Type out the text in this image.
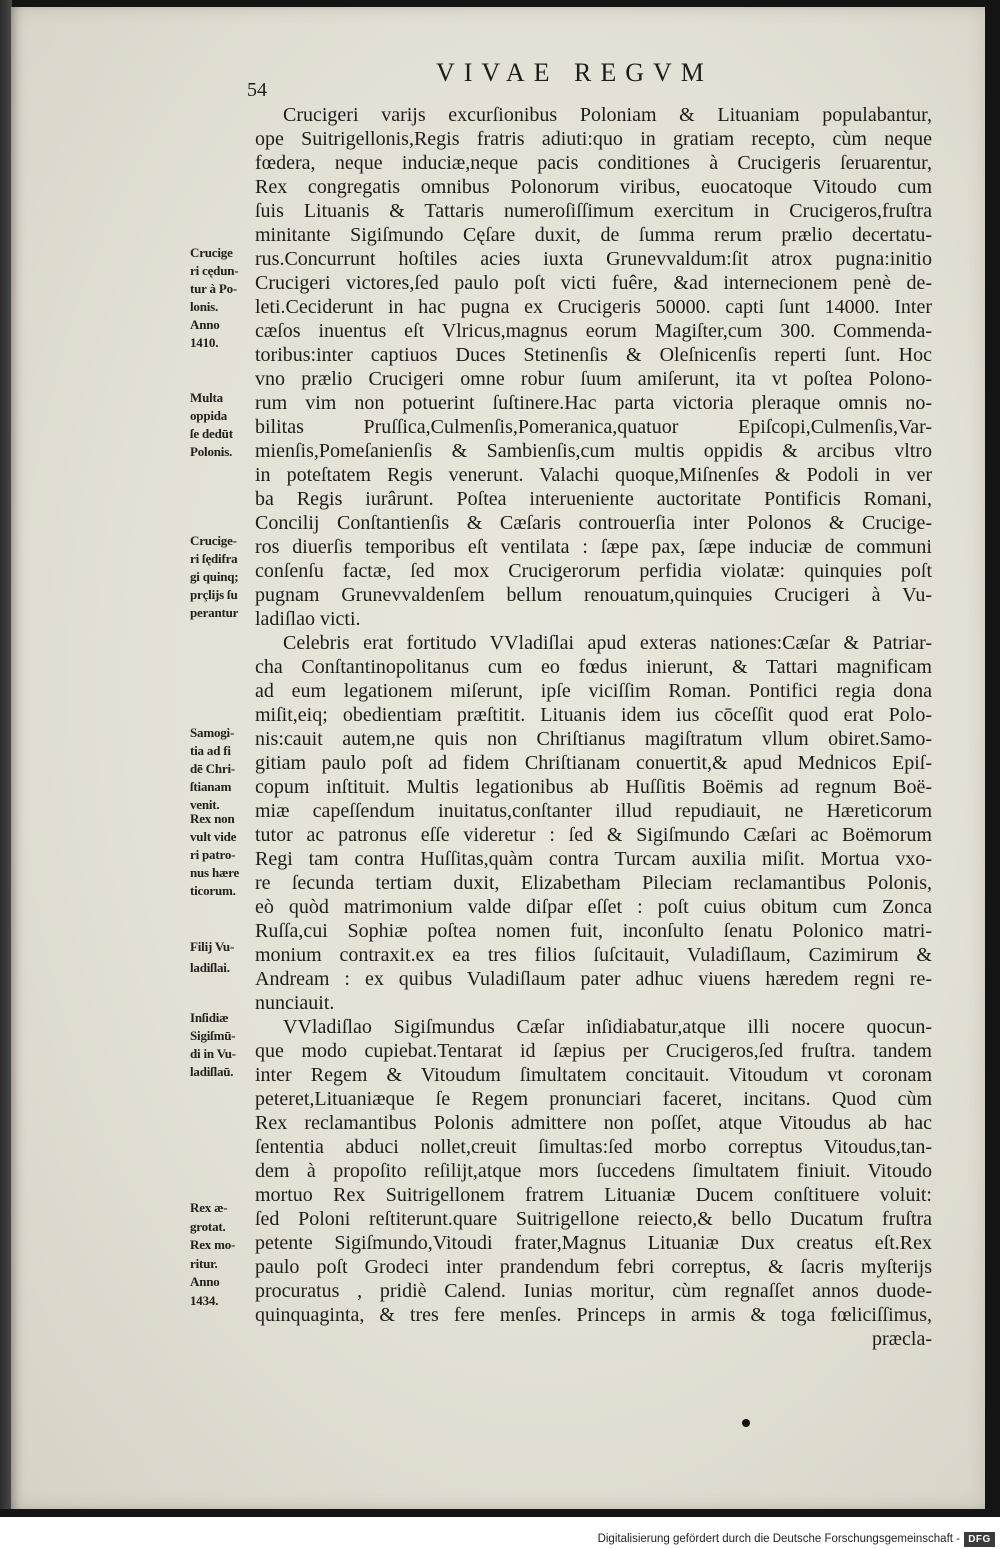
54
VIVAE REGVM
Crucigeri varijs excurſionibus Poloniam & Lituaniam populabantur,
ope Suitrigellonis,Regis fratris adiuti:quo in gratiam recepto, cùm neque
fœdera, neque induciæ,neque pacis conditiones à Crucigeris ſeruarentur,
Rex congregatis omnibus Polonorum viribus, euocatoque Vitoudo cum
ſuis Lituanis & Tattaris numeroſiſſimum exercitum in Crucigeros,fruſtra
minitante Sigiſmundo Cęſare duxit, de ſumma rerum prælio decertatu-
rus.Concurrunt hoſtiles acies iuxta Grunevvaldum:ſit atrox pugna:initio
Crucigeri victores,ſed paulo poſt victi fuêre, &ad internecionem penè de-
leti.Ceciderunt in hac pugna ex Crucigeris 50000. capti ſunt 14000. Inter
cæſos inuentus eſt Vlricus,magnus eorum Magiſter,cum 300. Commenda-
toribus:inter captiuos Duces Stetinenſis & Oleſnicenſis reperti ſunt. Hoc
vno prælio Crucigeri omne robur ſuum amiſerunt, ita vt poſtea Polono-
rum vim non potuerint ſuſtinere.Hac parta victoria pleraque omnis no-
bilitas Pruſſica,Culmenſis,Pomeranica,quatuor Epiſcopi,Culmenſis,Var-
mienſis,Pomeſanienſis & Sambienſis,cum multis oppidis & arcibus vltro
in poteſtatem Regis venerunt. Valachi quoque,Miſnenſes & Podoli in ver
ba Regis iurârunt. Poſtea interueniente auctoritate Pontificis Romani,
Concilij Conſtantienſis & Cæſaris controuerſia inter Polonos & Crucige-
ros diuerſis temporibus eſt ventilata : ſæpe pax, ſæpe induciæ de communi
conſenſu factæ, ſed mox Crucigerorum perfidia violatæ: quinquies poſt
pugnam Grunevvaldenſem bellum renouatum,quinquies Crucigeri à Vu-
ladiſlao victi.
Celebris erat fortitudo VVladiſlai apud exteras nationes:Cæſar & Patriar-
cha Conſtantinopolitanus cum eo fœdus inierunt, & Tattari magnificam
ad eum legationem miſerunt, ipſe viciſſim Roman. Pontifici regia dona
miſit,eiq; obedientiam præſtitit. Lituanis idem ius cōceſſit quod erat Polo-
nis:cauit autem,ne quis non Chriſtianus magiſtratum vllum obiret.Samo-
gitiam paulo poſt ad fidem Chriſtianam conuertit,& apud Mednicos Epiſ-
copum inſtituit. Multis legationibus ab Huſſitis Boëmis ad regnum Boë-
miæ capeſſendum inuitatus,conſtanter illud repudiauit, ne Hæreticorum
tutor ac patronus eſſe videretur : ſed & Sigiſmundo Cæſari ac Boëmorum
Regi tam contra Huſſitas,quàm contra Turcam auxilia miſit. Mortua vxo-
re ſecunda tertiam duxit, Elizabetham Pileciam reclamantibus Polonis,
eò quòd matrimonium valde diſpar eſſet : poſt cuius obitum cum Zonca
Ruſſa,cui Sophiæ poſtea nomen fuit, inconſulto ſenatu Polonico matri-
monium contraxit.ex ea tres filios ſuſcitauit, Vuladiſlaum, Cazimirum &
Andream : ex quibus Vuladiſlaum pater adhuc viuens hæredem regni re-
nunciauit.
VVladiſlao Sigiſmundus Cæſar inſidiabatur,atque illi nocere quocun-
que modo cupiebat.Tentarat id ſæpius per Crucigeros,ſed fruſtra. tandem
inter Regem & Vitoudum ſimultatem concitauit. Vitoudum vt coronam
peteret,Lituaniæque ſe Regem pronunciari faceret, incitans. Quod cùm
Rex reclamantibus Polonis admittere non poſſet, atque Vitoudus ab hac
ſententia abduci nollet,creuit ſimultas:ſed morbo correptus Vitoudus,tan-
dem à propoſito reſilijt,atque mors ſuccedens ſimultatem finiuit. Vitoudo
mortuo Rex Suitrigellonem fratrem Lituaniæ Ducem conſtituere voluit:
ſed Poloni reſtiterunt.quare Suitrigellone reiecto,& bello Ducatum fruſtra
petente Sigiſmundo,Vitoudi frater,Magnus Lituaniæ Dux creatus eſt.Rex
paulo poſt Grodeci inter prandendum febri correptus, & ſacris myſterijs
procuratus , pridiè Calend. Iunias moritur, cùm regnaſſet annos duode-
quinquaginta, & tres fere menſes. Princeps in armis & toga fœliciſſimus,
præcla-
Crucige
ri cędun-
tur à Po-
lonis.
Anno
1410.
Multa
oppida
ſe dedūt
Polonis.
Crucige-
ri ſędifra
gi quinq;
prçlijs ſu
perantur
Samogi-
tia ad fi
dē Chri-
ſtianam
venit.
Rex non
vult vide
ri patro-
nus hære
ticorum.
Filij Vu-
ladiſlai.
Inſidiæ
Sigiſmū-
di in Vu-
ladiſlaū.
Rex æ-
grotat.
Rex mo-
ritur.
Anno
1434.
Digitalisierung gefördert durch die Deutsche Forschungsgemeinschaft - DFG
